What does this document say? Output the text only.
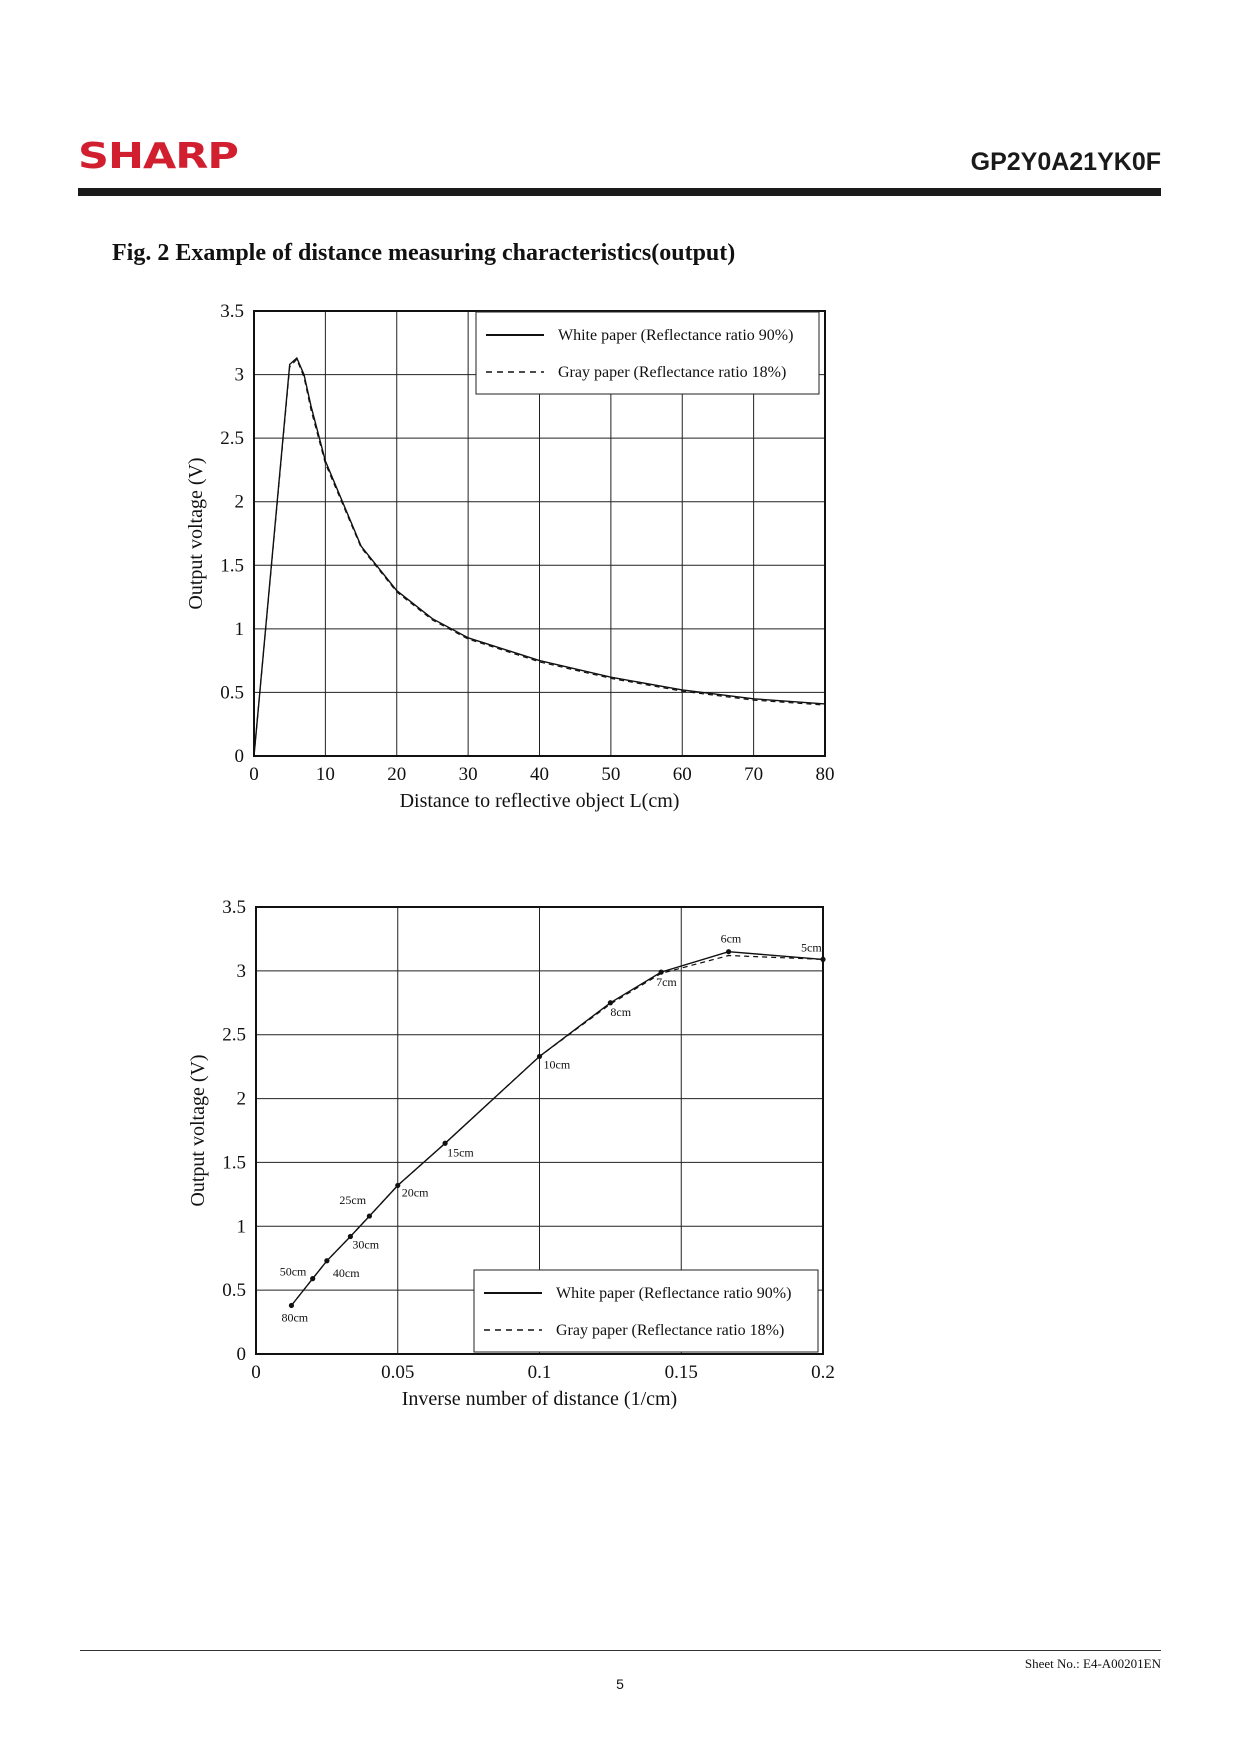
SHARP	GP2Y0A21YK0F
Fig. 2 Example of distance measuring characteristics(output)
0	10	20	30	40	50	60	70	80
0
0.5
1
1.5
2
2.5
3
3.5
Distance to reflective object L(cm)
Output voltage (V)
White paper (Reflectance ratio 90%)
Gray paper (Reflectance ratio 18%)
0	0.05	0.1	0.15	0.2
0
0.5
1
1.5
2
2.5
3
3.5
Inverse number of distance (1/cm)
Output voltage (V)
80cm
50cm 40cm
30cm
25cm
20cm
15cm
10cm
8cm
7cm
6cm
5cm
White paper (Reflectance ratio 90%)
Gray paper (Reflectance ratio 18%)
Sheet No.: E4-A00201EN
5
